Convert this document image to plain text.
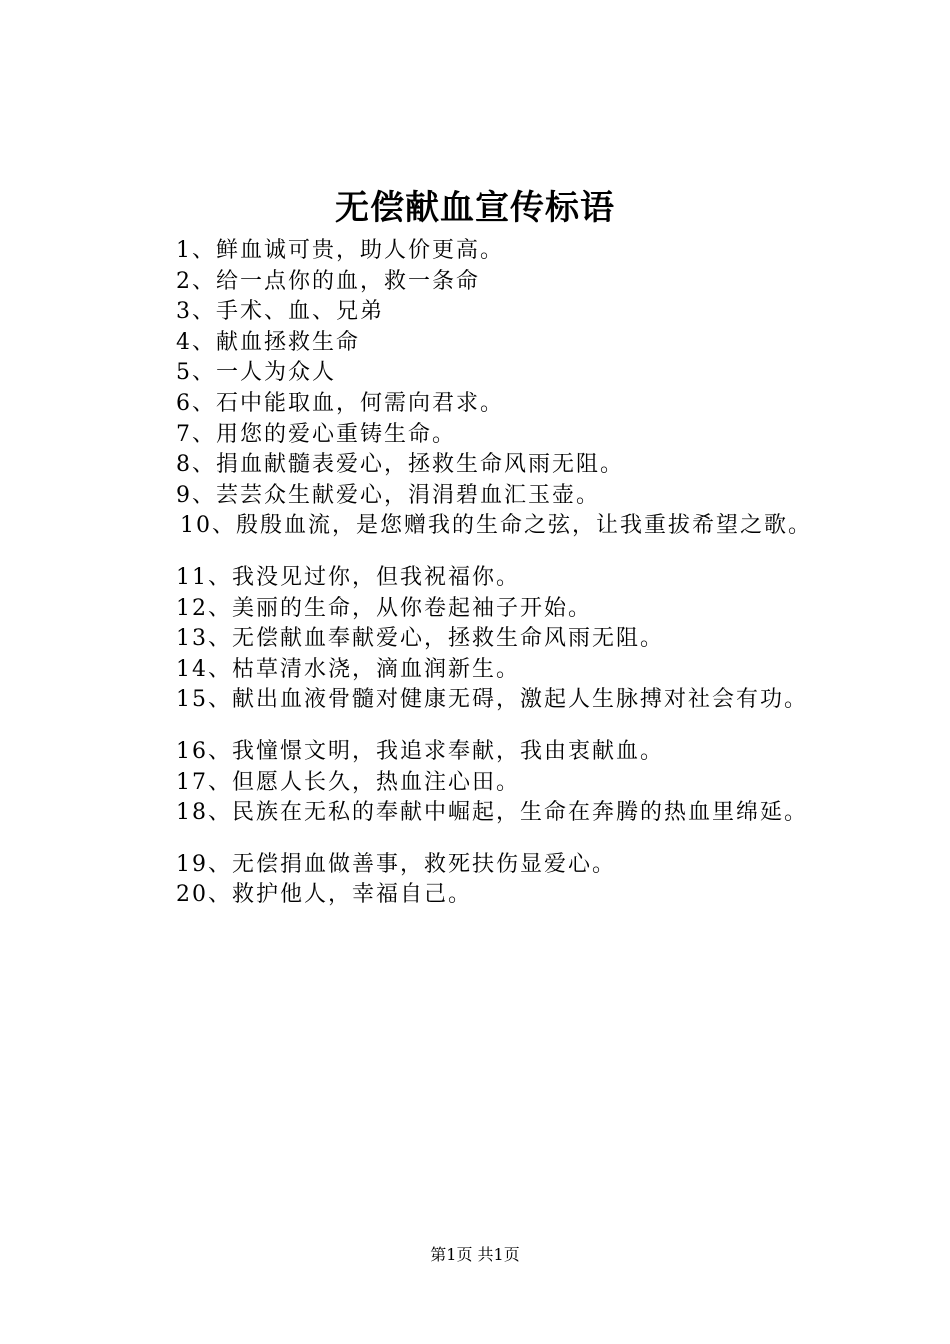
无偿献血宣传标语
1、鲜血诚可贵，助人价更高。
2、给一点你的血，救一条命
3、手术、血、兄弟
4、献血拯救生命
5、一人为众人
6、石中能取血，何需向君求。
7、用您的爱心重铸生命。
8、捐血献髓表爱心，拯救生命风雨无阻。
9、芸芸众生献爱心，涓涓碧血汇玉壶。
10、殷殷血流，是您赠我的生命之弦，让我重拔希望之歌。
11、我没见过你，但我祝福你。
12、美丽的生命，从你卷起袖子开始。
13、无偿献血奉献爱心，拯救生命风雨无阻。
14、枯草清水浇，滴血润新生。
15、献出血液骨髓对健康无碍，激起人生脉搏对社会有功。
16、我憧憬文明，我追求奉献，我由衷献血。
17、但愿人长久，热血注心田。
18、民族在无私的奉献中崛起，生命在奔腾的热血里绵延。
19、无偿捐血做善事，救死扶伤显爱心。
20、救护他人，幸福自己。
第1页 共1页
